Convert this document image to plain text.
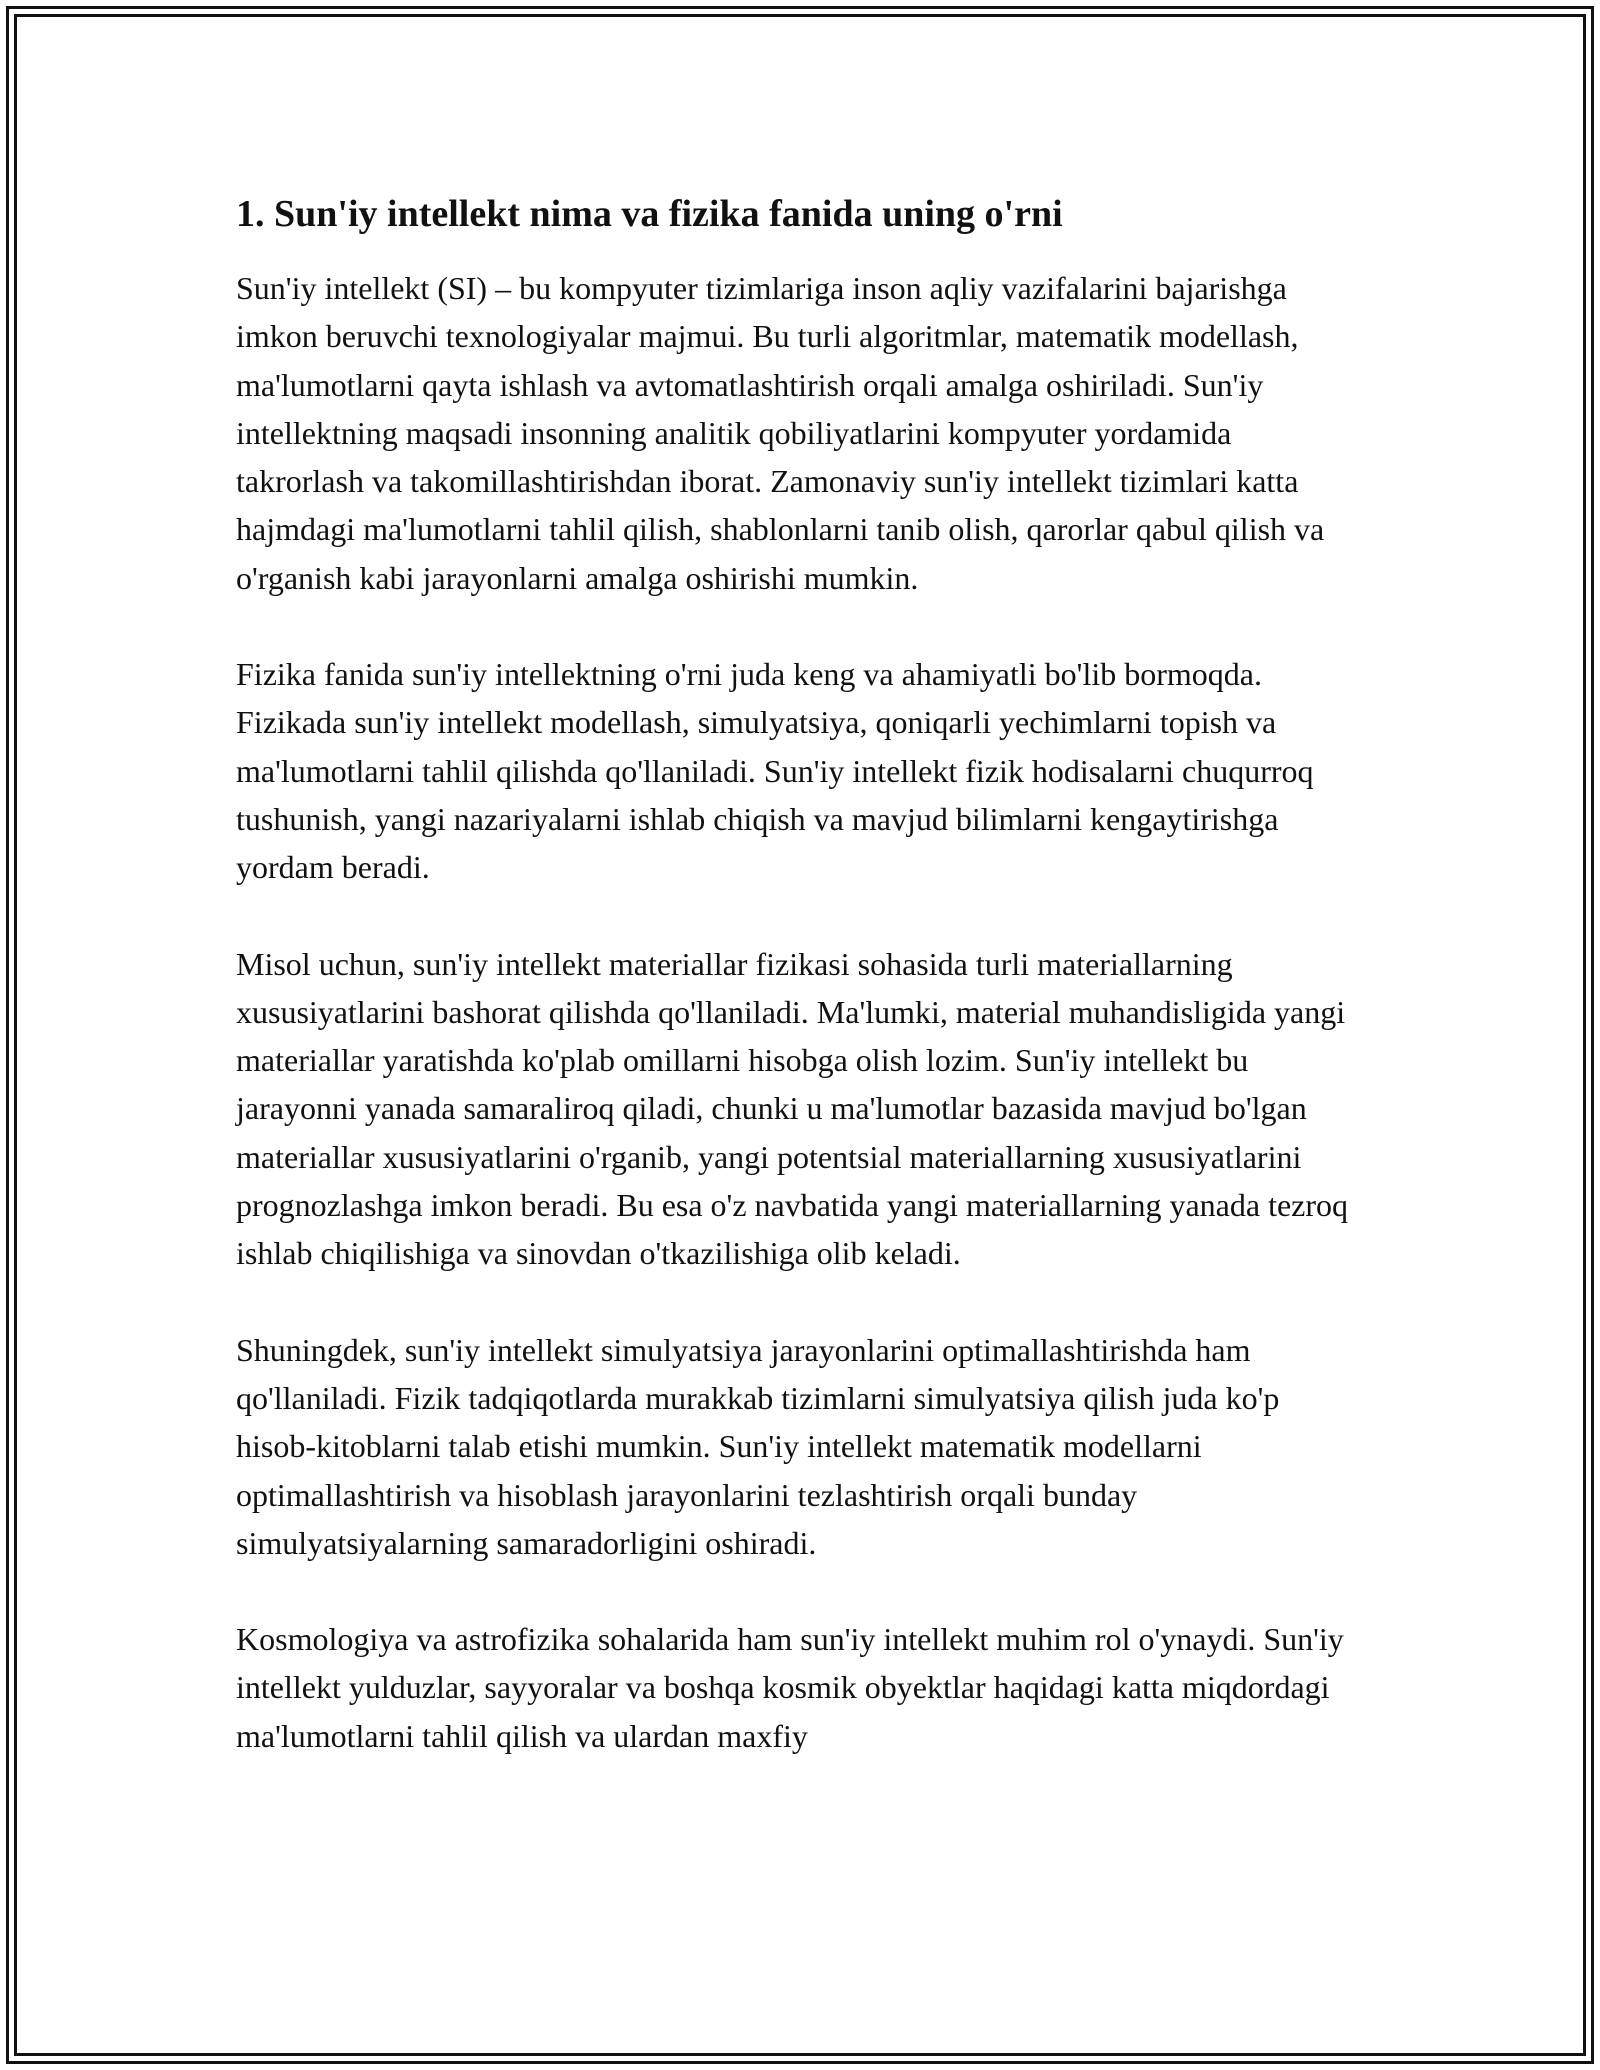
1. Sun'iy intellekt nima va fizika fanida uning o'rni

Sun'iy intellekt (SI) – bu kompyuter tizimlariga inson aqliy vazifalarini bajarishga imkon beruvchi texnologiyalar majmui. Bu turli algoritmlar, matematik modellash, ma'lumotlarni qayta ishlash va avtomatlashtirish orqali amalga oshiriladi. Sun'iy intellektning maqsadi insonning analitik qobiliyatlarini kompyuter yordamida takrorlash va takomillashtirishdan iborat. Zamonaviy sun'iy intellekt tizimlari katta hajmdagi ma'lumotlarni tahlil qilish, shablonlarni tanib olish, qarorlar qabul qilish va o'rganish kabi jarayonlarni amalga oshirishi mumkin.

Fizika fanida sun'iy intellektning o'rni juda keng va ahamiyatli bo'lib bormoqda. Fizikada sun'iy intellekt modellash, simulyatsiya, qoniqarli yechimlarni topish va ma'lumotlarni tahlil qilishda qo'llaniladi. Sun'iy intellekt fizik hodisalarni chuqurroq tushunish, yangi nazariyalarni ishlab chiqish va mavjud bilimlarni kengaytirishga yordam beradi.

Misol uchun, sun'iy intellekt materiallar fizikasi sohasida turli materiallarning xususiyatlarini bashorat qilishda qo'llaniladi. Ma'lumki, material muhandisligida yangi materiallar yaratishda ko'plab omillarni hisobga olish lozim. Sun'iy intellekt bu jarayonni yanada samaraliroq qiladi, chunki u ma'lumotlar bazasida mavjud bo'lgan materiallar xususiyatlarini o'rganib, yangi potentsial materiallarning xususiyatlarini prognozlashga imkon beradi. Bu esa o'z navbatida yangi materiallarning yanada tezroq ishlab chiqilishiga va sinovdan o'tkazilishiga olib keladi.

Shuningdek, sun'iy intellekt simulyatsiya jarayonlarini optimallashtirishda ham qo'llaniladi. Fizik tadqiqotlarda murakkab tizimlarni simulyatsiya qilish juda ko'p hisob-kitoblarni talab etishi mumkin. Sun'iy intellekt matematik modellarni optimallashtirish va hisoblash jarayonlarini tezlashtirish orqali bunday simulyatsiyalarning samaradorligini oshiradi.

Kosmologiya va astrofizika sohalarida ham sun'iy intellekt muhim rol o'ynaydi. Sun'iy intellekt yulduzlar, sayyoralar va boshqa kosmik obyektlar haqidagi katta miqdordagi ma'lumotlarni tahlil qilish va ulardan maxfiy
